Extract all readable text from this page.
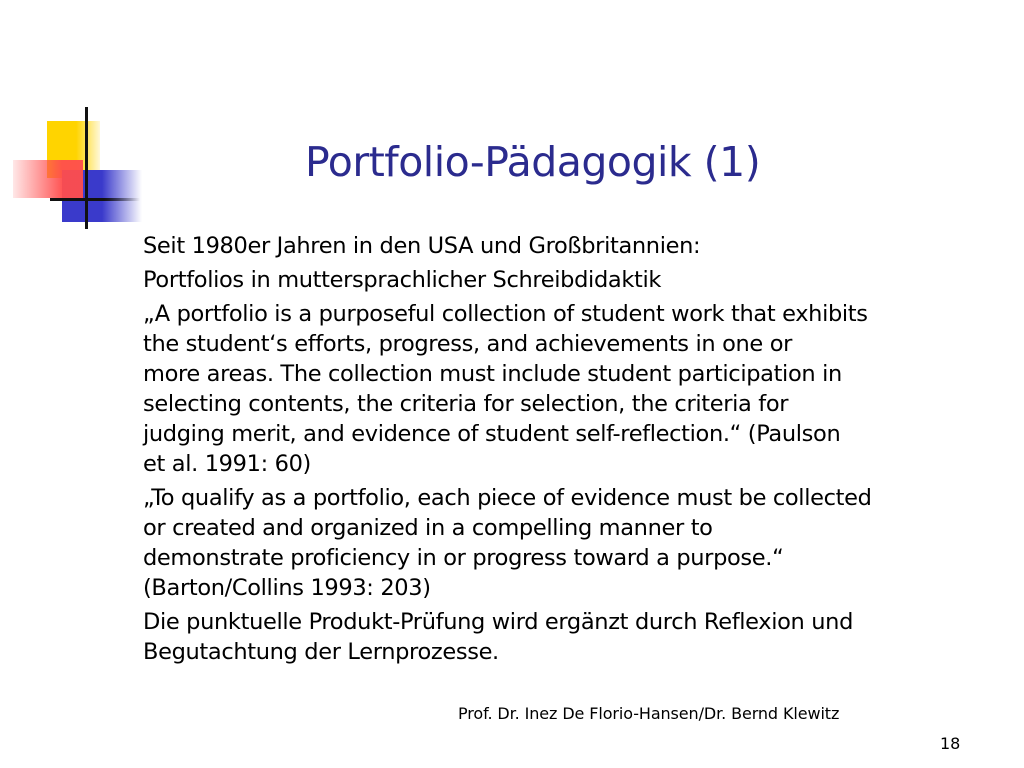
Portfolio-Pädagogik (1)

Seit 1980er Jahren in den USA und Großbritannien:

Portfolios in muttersprachlicher Schreibdidaktik

„A portfolio is a purposeful collection of student work that exhibits
the student‘s efforts, progress, and achievements in one or
more areas. The collection must include student participation in
selecting contents, the criteria for selection, the criteria for
judging merit, and evidence of student self-reflection.“ (Paulson
et al. 1991: 60)

„To qualify as a portfolio, each piece of evidence must be collected
or created and organized in a compelling manner to
demonstrate proficiency in or progress toward a purpose.“
(Barton/Collins 1993: 203)

Die punktuelle Produkt-Prüfung wird ergänzt durch Reflexion und
Begutachtung der Lernprozesse.

Prof. Dr. Inez De Florio-Hansen/Dr. Bernd Klewitz
18
